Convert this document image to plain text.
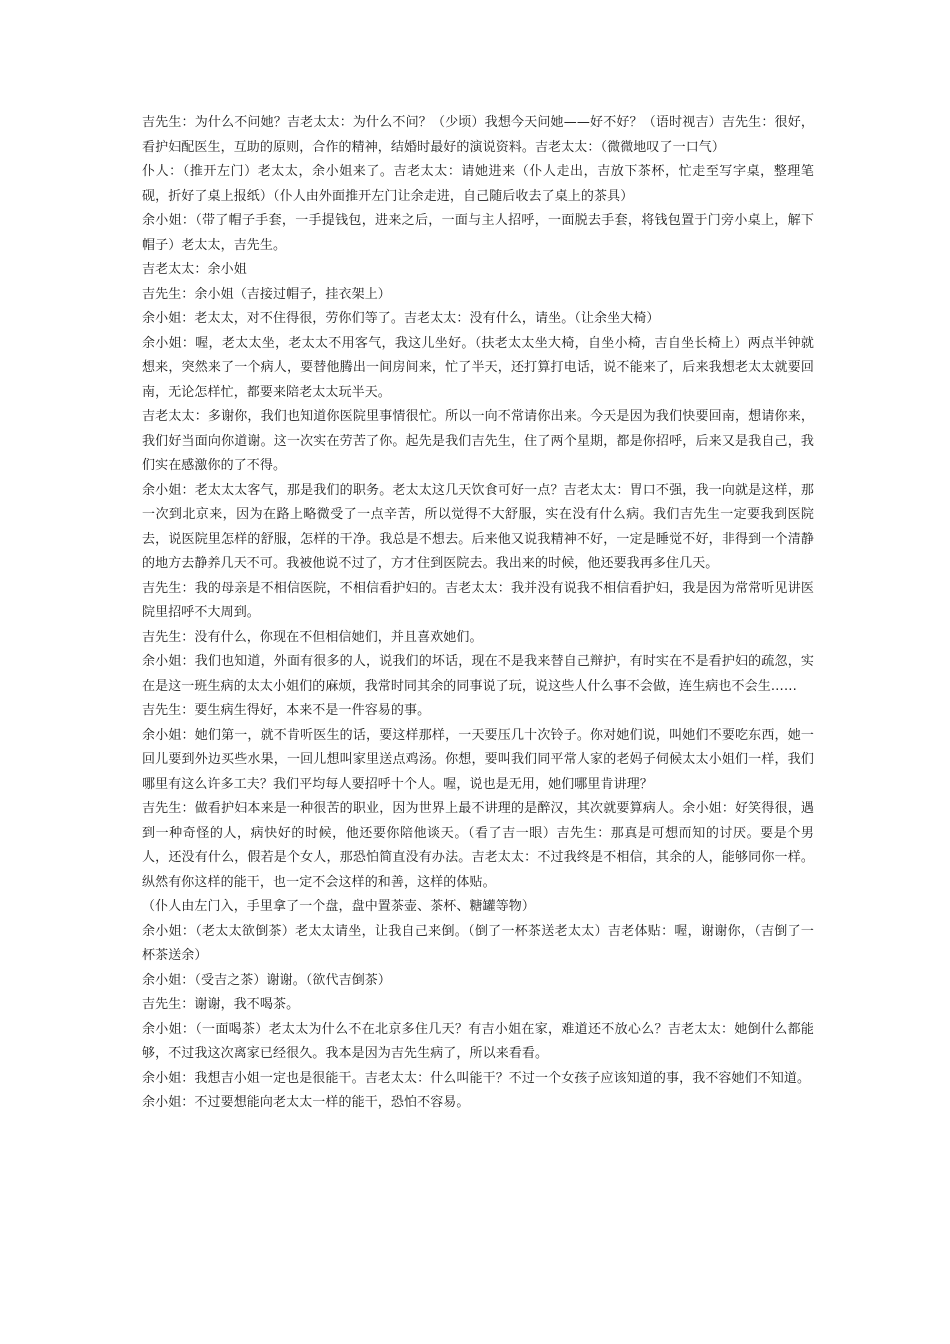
吉先生：为什么不问她？吉老太太：为什么不问？（少顷）我想今天问她——好不好？（语时视吉）吉先生：很好，看护妇配医生，互助的原则，合作的精神，结婚时最好的演说资料。吉老太太：（微微地叹了一口气）

仆人：（推开左门）老太太，余小姐来了。吉老太太：请她进来（仆人走出，吉放下茶杯，忙走至写字桌，整理笔砚，折好了桌上报纸）（仆人由外面推开左门让余走进，自己随后收去了桌上的茶具）

余小姐：（带了帽子手套，一手提钱包，进来之后，一面与主人招呼，一面脱去手套，将钱包置于门旁小桌上，解下帽子）老太太，吉先生。

吉老太太：余小姐

吉先生：余小姐（吉接过帽子，挂衣架上）

余小姐：老太太，对不住得很，劳你们等了。吉老太太：没有什么，请坐。（让余坐大椅）

余小姐：喔，老太太坐，老太太不用客气，我这儿坐好。（扶老太太坐大椅，自坐小椅，吉自坐长椅上）两点半钟就想来，突然来了一个病人，要替他腾出一间房间来，忙了半天，还打算打电话，说不能来了，后来我想老太太就要回南，无论怎样忙，都要来陪老太太玩半天。

吉老太太：多谢你，我们也知道你医院里事情很忙。所以一向不常请你出来。今天是因为我们快要回南，想请你来，我们好当面向你道谢。这一次实在劳苦了你。起先是我们吉先生，住了两个星期，都是你招呼，后来又是我自己，我们实在感激你的了不得。

余小姐：老太太太客气，那是我们的职务。老太太这几天饮食可好一点？吉老太太：胃口不强，我一向就是这样，那一次到北京来，因为在路上略微受了一点辛苦，所以觉得不大舒服，实在没有什么病。我们吉先生一定要我到医院去，说医院里怎样的舒服，怎样的干净。我总是不想去。后来他又说我精神不好，一定是睡觉不好，非得到一个清静的地方去静养几天不可。我被他说不过了，方才住到医院去。我出来的时候，他还要我再多住几天。

吉先生：我的母亲是不相信医院，不相信看护妇的。吉老太太：我并没有说我不相信看护妇，我是因为常常听见讲医院里招呼不大周到。

吉先生：没有什么，你现在不但相信她们，并且喜欢她们。

余小姐：我们也知道，外面有很多的人，说我们的坏话，现在不是我来替自己辩护，有时实在不是看护妇的疏忽，实在是这一班生病的太太小姐们的麻烦，我常时同其余的同事说了玩，说这些人什么事不会做，连生病也不会生……

吉先生：要生病生得好，本来不是一件容易的事。

余小姐：她们第一，就不肯听医生的话，要这样那样，一天要压几十次铃子。你对她们说，叫她们不要吃东西，她一回儿要到外边买些水果，一回儿想叫家里送点鸡汤。你想，要叫我们同平常人家的老妈子伺候太太小姐们一样，我们哪里有这么许多工夫？我们平均每人要招呼十个人。喔，说也是无用，她们哪里肯讲理？

吉先生：做看护妇本来是一种很苦的职业，因为世界上最不讲理的是醉汉，其次就要算病人。余小姐：好笑得很，遇到一种奇怪的人，病快好的时候，他还要你陪他谈天。（看了吉一眼）吉先生：那真是可想而知的讨厌。要是个男人，还没有什么，假若是个女人，那恐怕简直没有办法。吉老太太：不过我终是不相信，其余的人，能够同你一样。纵然有你这样的能干，也一定不会这样的和善，这样的体贴。

（仆人由左门入，手里拿了一个盘，盘中置茶壶、茶杯、糖罐等物）

余小姐：（老太太欲倒茶）老太太请坐，让我自己来倒。（倒了一杯茶送老太太）吉老体贴：喔，谢谢你，（吉倒了一杯茶送余）

余小姐：（受吉之茶）谢谢。（欲代吉倒茶）

吉先生：谢谢，我不喝茶。

余小姐：（一面喝茶）老太太为什么不在北京多住几天？有吉小姐在家，难道还不放心么？吉老太太：她倒什么都能够，不过我这次离家已经很久。我本是因为吉先生病了，所以来看看。

余小姐：我想吉小姐一定也是很能干。吉老太太：什么叫能干？不过一个女孩子应该知道的事，我不容她们不知道。

余小姐：不过要想能向老太太一样的能干，恐怕不容易。
